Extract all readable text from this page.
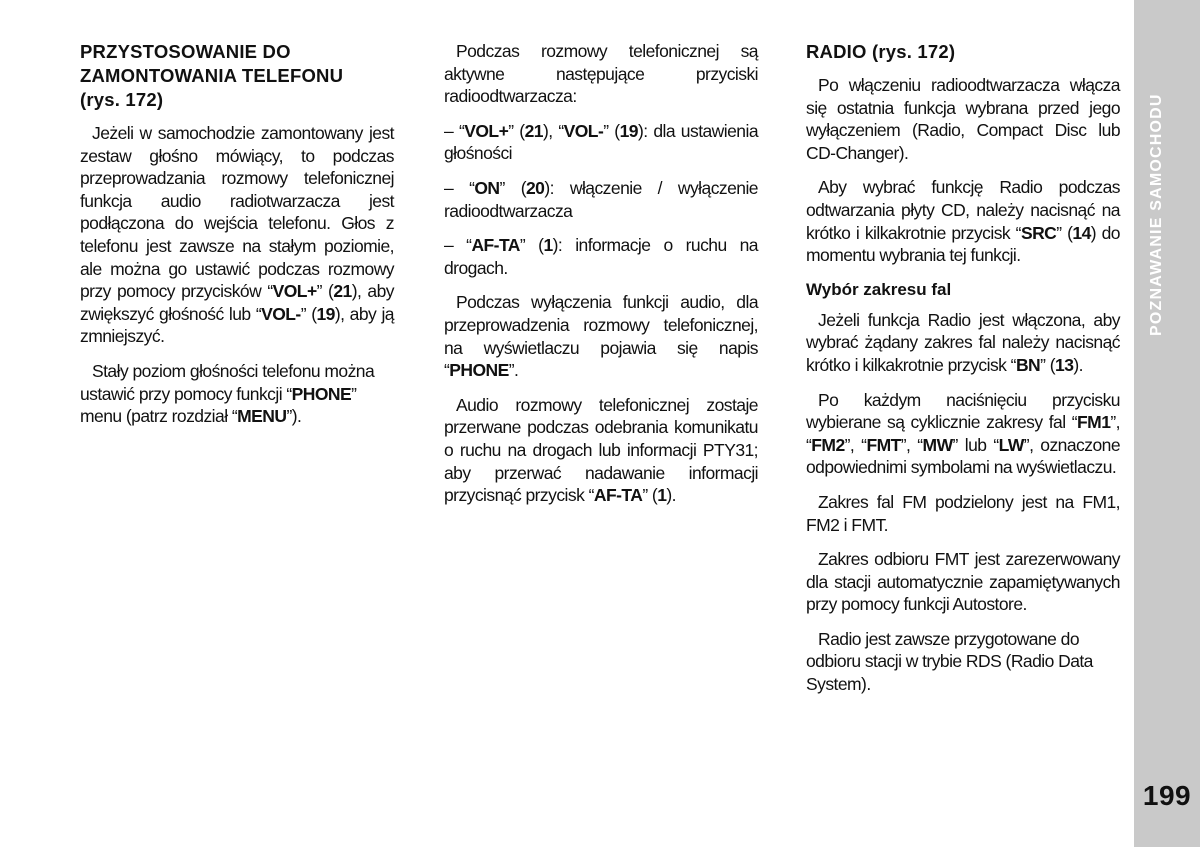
POZNAWANIE SAMOCHODU
199
PRZYSTOSOWANIE DO
ZAMONTOWANIA TELEFONU
(rys. 172)

Jeżeli w samochodzie zamontowany jest zestaw głośno mówiący, to podczas przeprowadzania rozmowy telefonicznej funkcja audio radiotwarzacza jest podłączona do wejścia telefonu. Głos z telefonu jest zawsze na stałym poziomie, ale można go ustawić podczas rozmowy przy pomocy przycisków “VOL+” (21), aby zwiększyć głośność lub “VOL-” (19), aby ją zmniejszyć.

Stały poziom głośności telefonu można ustawić przy pomocy funkcji “PHONE” menu (patrz rozdział “MENU”).

Podczas rozmowy telefonicznej są aktywne następujące przyciski radioodtwarzacza:

– “VOL+” (21), “VOL-” (19): dla ustawienia głośności

– “ON” (20): włączenie / wyłączenie radioodtwarzacza

– “AF-TA” (1): informacje o ruchu na drogach.

Podczas wyłączenia funkcji audio, dla przeprowadzenia rozmowy telefonicznej, na wyświetlaczu pojawia się napis “PHONE”.

Audio rozmowy telefonicznej zostaje przerwane podczas odebrania komunikatu o ruchu na drogach lub informacji PTY31; aby przerwać nadawanie informacji przycisnąć przycisk “AF-TA” (1).

RADIO (rys. 172)

Po włączeniu radioodtwarzacza włącza się ostatnia funkcja wybrana przed jego wyłączeniem (Radio, Compact Disc lub CD-Changer).

Aby wybrać funkcję Radio podczas odtwarzania płyty CD, należy nacisnąć na krótko i kilkakrotnie przycisk “SRC” (14) do momentu wybrania tej funkcji.

Wybór zakresu fal

Jeżeli funkcja Radio jest włączona, aby wybrać żądany zakres fal należy nacisnąć krótko i kilkakrotnie przycisk “BN” (13).

Po każdym naciśnięciu przycisku wybierane są cyklicznie zakresy fal “FM1”, “FM2”, “FMT”, “MW” lub “LW”, oznaczone odpowiednimi symbolami na wyświetlaczu.

Zakres fal FM podzielony jest na FM1, FM2 i FMT.

Zakres odbioru FMT jest zarezerwowany dla stacji automatycznie zapamiętywanych przy pomocy funkcji Autostore.

Radio jest zawsze przygotowane do odbioru stacji w trybie RDS (Radio Data System).
